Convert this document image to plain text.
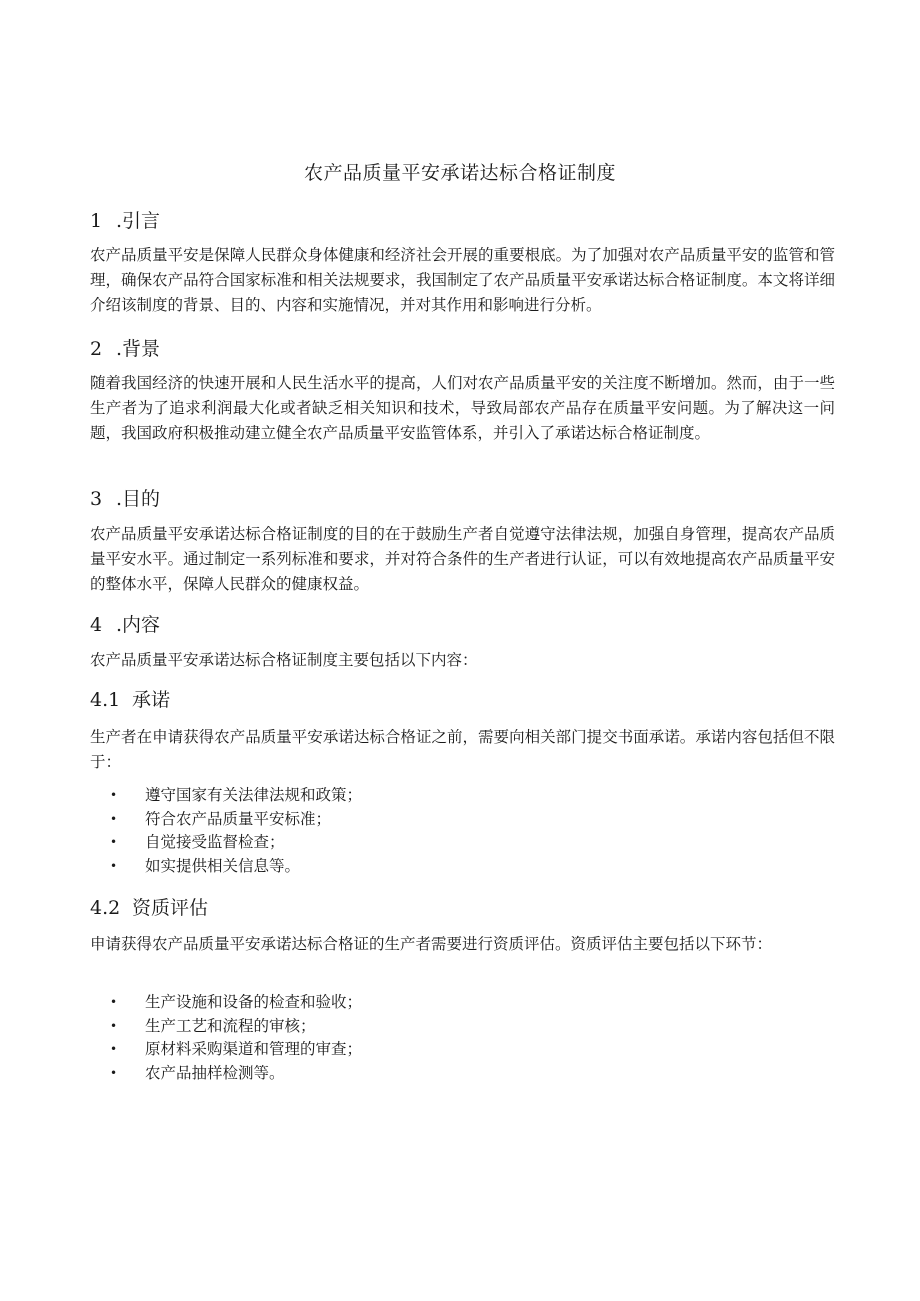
农产品质量平安承诺达标合格证制度
1 .引言

农产品质量平安是保障人民群众身体健康和经济社会开展的重要根底。为了加强对农产品质量平安的监管和管理，确保农产品符合国家标准和相关法规要求，我国制定了农产品质量平安承诺达标合格证制度。本文将详细介绍该制度的背景、目的、内容和实施情况，并对其作用和影响进行分析。

2 .背景

随着我国经济的快速开展和人民生活水平的提高，人们对农产品质量平安的关注度不断增加。然而，由于一些生产者为了追求利润最大化或者缺乏相关知识和技术，导致局部农产品存在质量平安问题。为了解决这一问题，我国政府积极推动建立健全农产品质量平安监管体系，并引入了承诺达标合格证制度。

3 .目的

农产品质量平安承诺达标合格证制度的目的在于鼓励生产者自觉遵守法律法规，加强自身管理，提高农产品质量平安水平。通过制定一系列标准和要求，并对符合条件的生产者进行认证，可以有效地提高农产品质量平安的整体水平，保障人民群众的健康权益。

4 .内容

农产品质量平安承诺达标合格证制度主要包括以下内容：

4.1 承诺

生产者在申请获得农产品质量平安承诺达标合格证之前，需要向相关部门提交书面承诺。承诺内容包括但不限于：

• 遵守国家有关法律法规和政策；
• 符合农产品质量平安标准；
• 自觉接受监督检查；
• 如实提供相关信息等。
4.2 资质评估

申请获得农产品质量平安承诺达标合格证的生产者需要进行资质评估。资质评估主要包括以下环节：

• 生产设施和设备的检查和验收；
• 生产工艺和流程的审核；
• 原材料采购渠道和管理的审查；
• 农产品抽样检测等。
